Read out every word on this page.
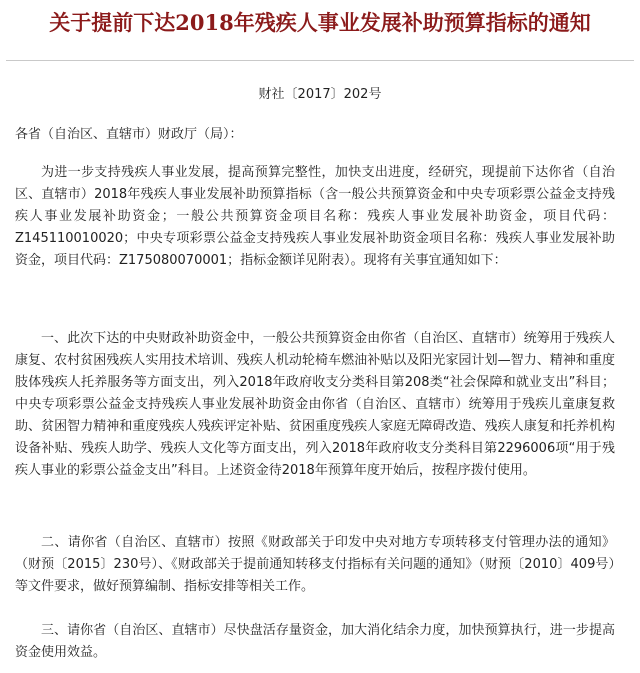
关于提前下达2018年残疾人事业发展补助预算指标的通知
财社〔2017〕202号

各省（自治区、直辖市）财政厅（局）：

为进一步支持残疾人事业发展，提高预算完整性，加快支出进度，经研究，现提前下达你省（自治区、直辖市）2018年残疾人事业发展补助预算指标（含一般公共预算资金和中央专项彩票公益金支持残疾人事业发展补助资金；一般公共预算资金项目名称：残疾人事业发展补助资金，项目代码：Z145110010020；中央专项彩票公益金支持残疾人事业发展补助资金项目名称：残疾人事业发展补助资金，项目代码：Z175080070001；指标金额详见附表）。现将有关事宜通知如下：

一、此次下达的中央财政补助资金中，一般公共预算资金由你省（自治区、直辖市）统筹用于残疾人康复、农村贫困残疾人实用技术培训、残疾人机动轮椅车燃油补贴以及阳光家园计划—智力、精神和重度肢体残疾人托养服务等方面支出，列入2018年政府收支分类科目第208类“社会保障和就业支出”科目；中央专项彩票公益金支持残疾人事业发展补助资金由你省（自治区、直辖市）统筹用于残疾儿童康复救助、贫困智力精神和重度残疾人残疾评定补贴、贫困重度残疾人家庭无障碍改造、残疾人康复和托养机构设备补贴、残疾人助学、残疾人文化等方面支出，列入2018年政府收支分类科目第2296006项“用于残疾人事业的彩票公益金支出”科目。上述资金待2018年预算年度开始后，按程序拨付使用。

二、请你省（自治区、直辖市）按照《财政部关于印发中央对地方专项转移支付管理办法的通知》（财预〔2015〕230号）、《财政部关于提前通知转移支付指标有关问题的通知》（财预〔2010〕409号）等文件要求，做好预算编制、指标安排等相关工作。

三、请你省（自治区、直辖市）尽快盘活存量资金，加大消化结余力度，加快预算执行，进一步提高资金使用效益。
